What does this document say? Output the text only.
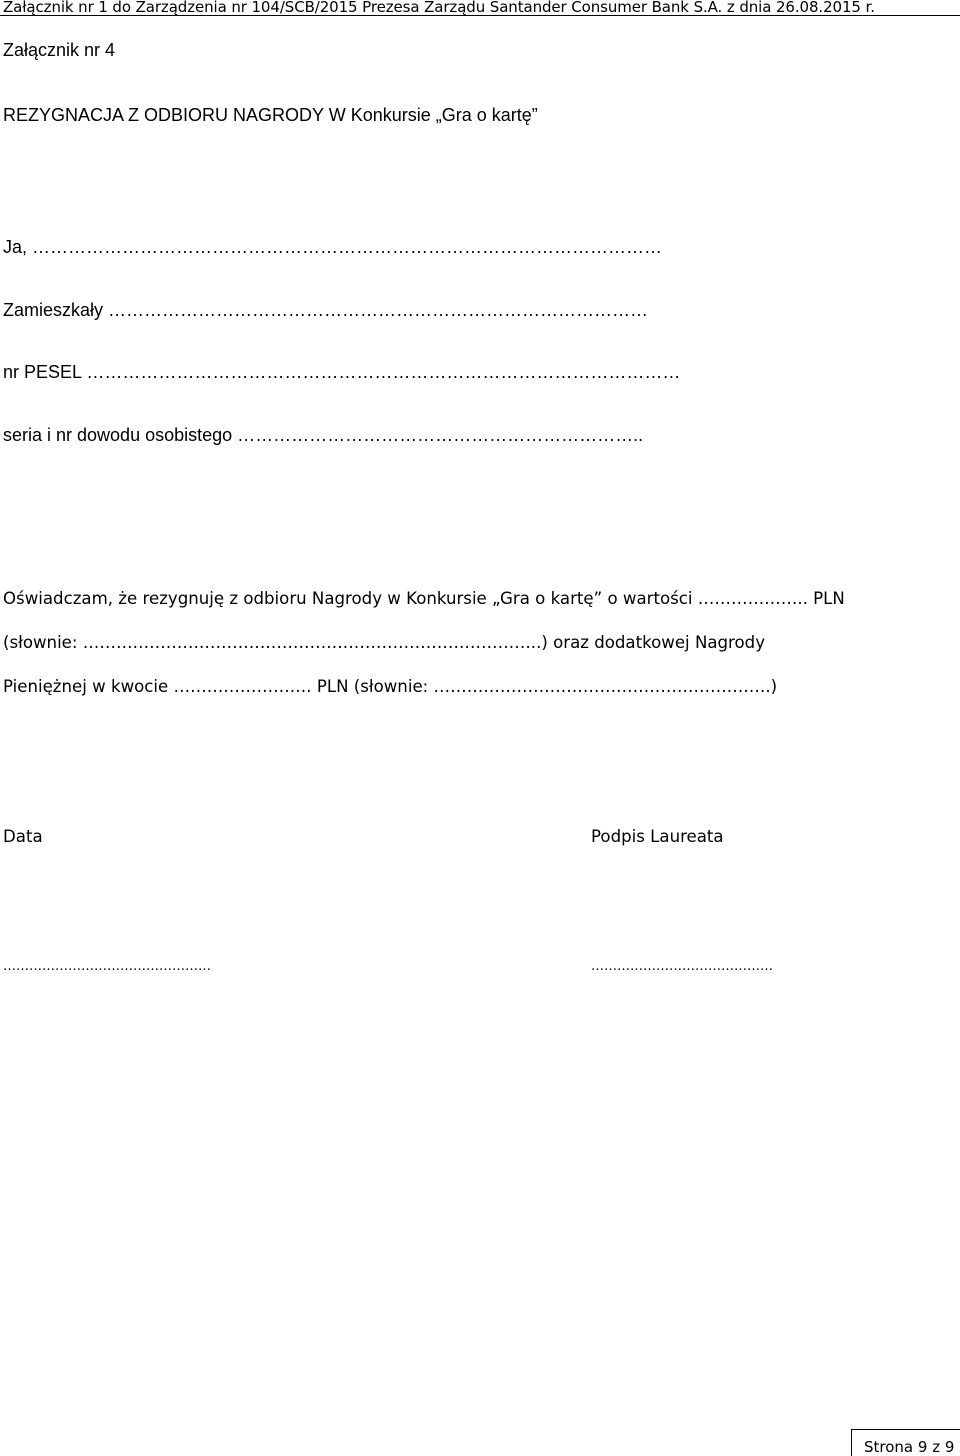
Załącznik nr 1 do Zarządzenia nr 104/SCB/2015 Prezesa Zarządu Santander Consumer Bank S.A. z dnia 26.08.2015 r.
Załącznik nr 4
REZYGNACJA Z ODBIORU NAGRODY W Konkursie „Gra o kartę”
Ja, ……………………………………………………………………………………………
Zamieszkały ………………………………………………………………………………
nr PESEL ………………………………………………………………………………………
seria i nr dowodu osobistego …………………………………………………………..
Oświadczam, że rezygnuję z odbioru Nagrody w Konkursie „Gra o kartę” o wartości ……………….. PLN
(słownie: ………………………………………………………………………..) oraz dodatkowej Nagrody
Pieniężnej w kwocie ……………………. PLN (słownie: …………………………………………………….)
Data	Podpis Laureata
…………………………………………	……………………………………
Strona 9 z 9
